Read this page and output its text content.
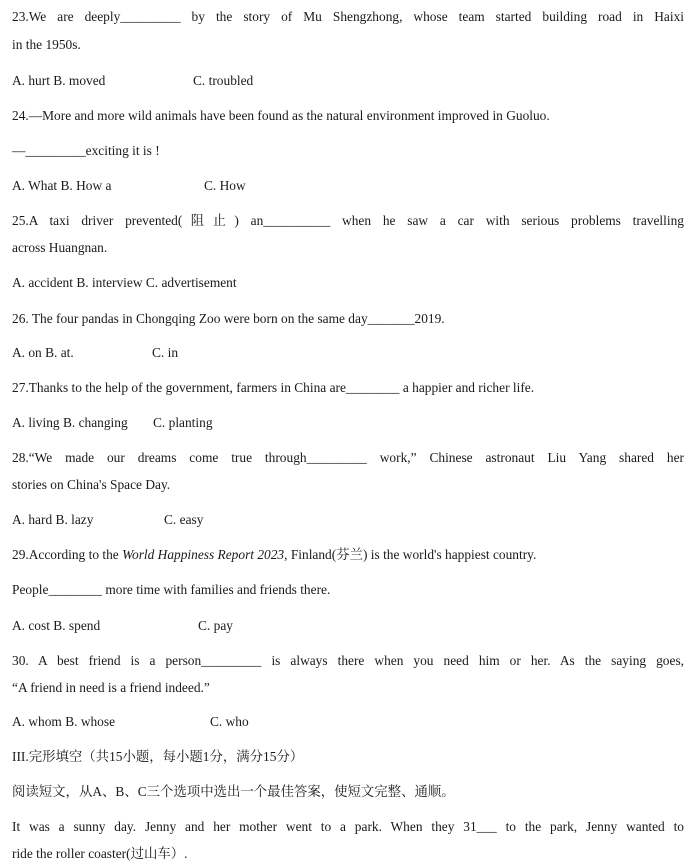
23.We are deeply_________ by the story of Mu Shengzhong, whose team started building road in Haixi
in the 1950s.
A. hurt B. moved	C. troubled
24.—More and more wild animals have been found as the natural environment improved in Guoluo.
—_________exciting it is !
A. What B. How a	C. How
25.A taxi driver prevented(阻止) an__________ when he saw a car with serious problems travelling
across Huangnan.
A. accident B. interview C. advertisement
26. The four pandas in Chongqing Zoo were born on the same day_______2019.
A. on B. at.	C. in
27.Thanks to the help of the government, farmers in China are________ a happier and richer life.
A. living B. changing C. planting
28.“We made our dreams come true through_________ work,” Chinese astronaut Liu Yang shared her
stories on China's Space Day.
A. hard B. lazy	C. easy
29.According to the World Happiness Report 2023, Finland(芬兰) is the world's happiest country.
People________ more time with families and friends there.
A. cost B. spend	C. pay
30. A best friend is a person_________ is always there when you need him or her. As the saying goes,
“A friend in need is a friend indeed.”
A. whom B. whose	C. who
III.完形填空（共15小题，每小题1分，满分15分）
阅读短文，从A、B、C三个选项中选出一个最佳答案，使短文完整、通顺。
It was a sunny day. Jenny and her mother went to a park. When they 31___ to the park, Jenny wanted to
ride the roller coaster(过山车）.
